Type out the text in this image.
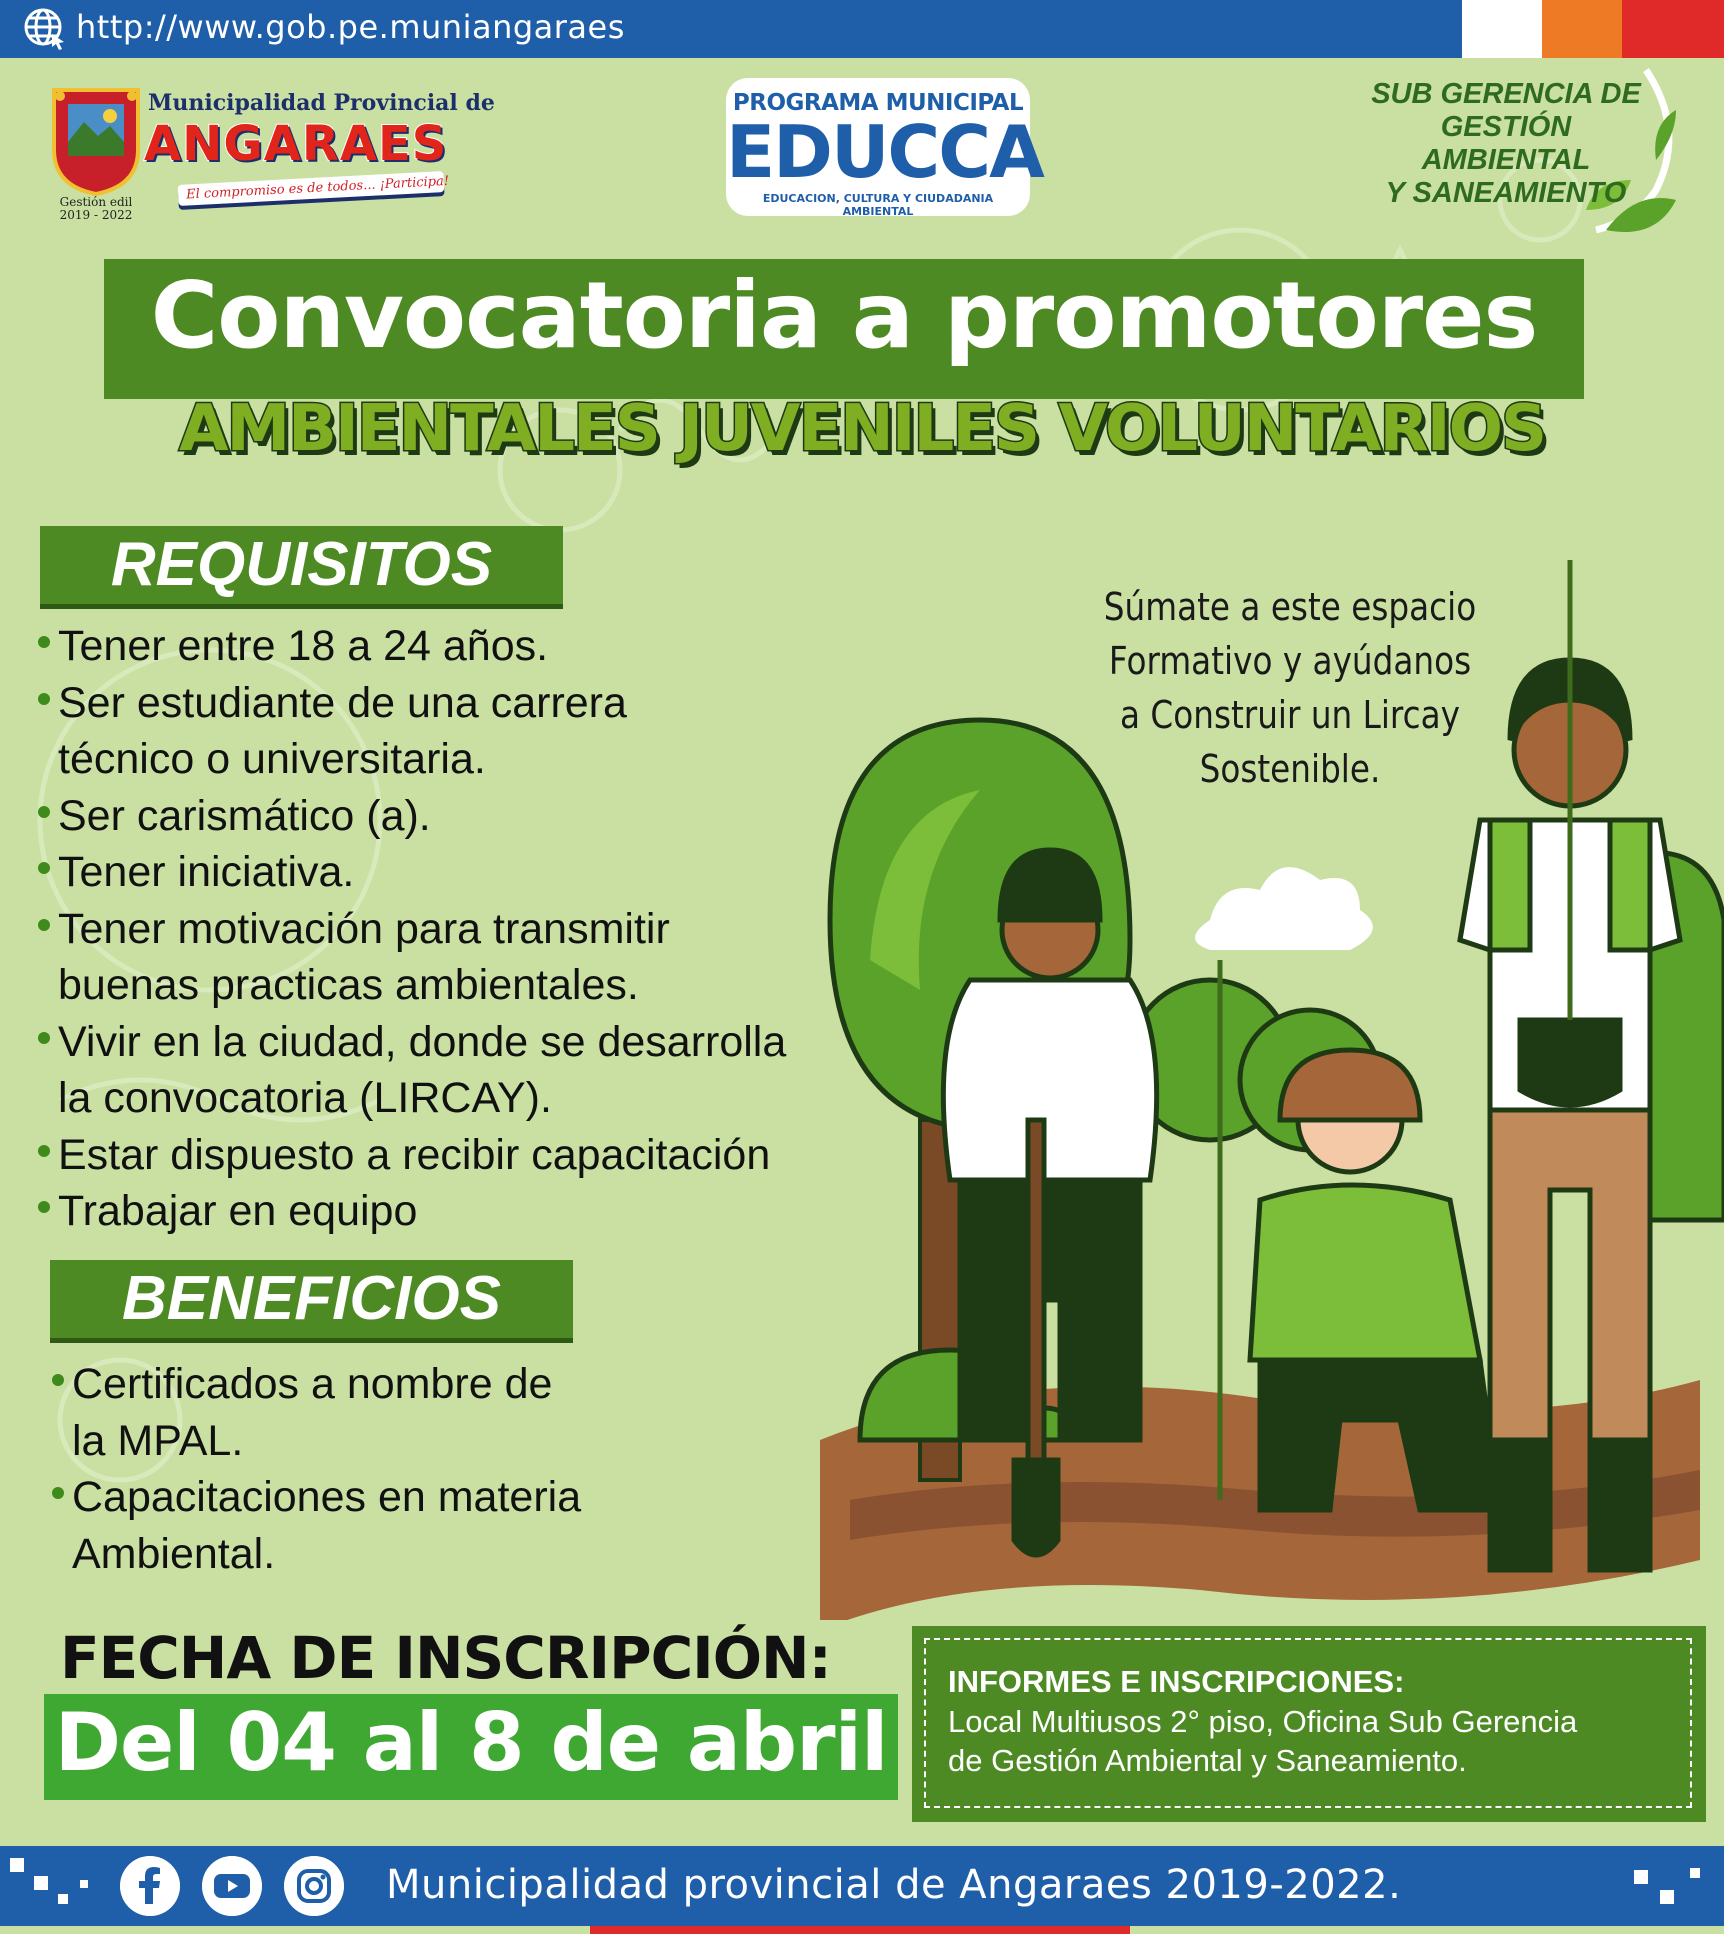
http://www.gob.pe.muniangaraes
Gestión edil
2019 - 2022
Municipalidad Provincial de
ANGARAES
El compromiso es de todos... ¡Participa!
PROGRAMA MUNICIPAL
EDUCCA
EDUCACION, CULTURA Y CIUDADANIA AMBIENTAL
SUB GERENCIA DE
GESTIÓN AMBIENTAL
Y SANEAMIENTO
Convocatoria a promotores
AMBIENTALES JUVENILES VOLUNTARIOS
REQUISITOS
Tener entre 18 a 24 años.
Ser estudiante de una carrera
técnico o universitaria.
Ser carismático (a).
Tener iniciativa.
Tener motivación para transmitir
buenas practicas ambientales.
Vivir en la ciudad, donde se desarrolla
la convocatoria (LIRCAY).
Estar dispuesto a recibir capacitación
Trabajar en equipo
BENEFICIOS
Certificados a nombre de
la MPAL.
Capacitaciones en materia
Ambiental.
Súmate a este espacio
Formativo y ayúdanos
a Construir un Lircay
Sostenible.
FECHA DE INSCRIPCIÓN:
Del 04 al 8 de abril
INFORMES E INSCRIPCIONES:
Local Multiusos 2° piso, Oficina Sub Gerencia
de Gestión Ambiental y Saneamiento.
Municipalidad provincial de Angaraes 2019-2022.
